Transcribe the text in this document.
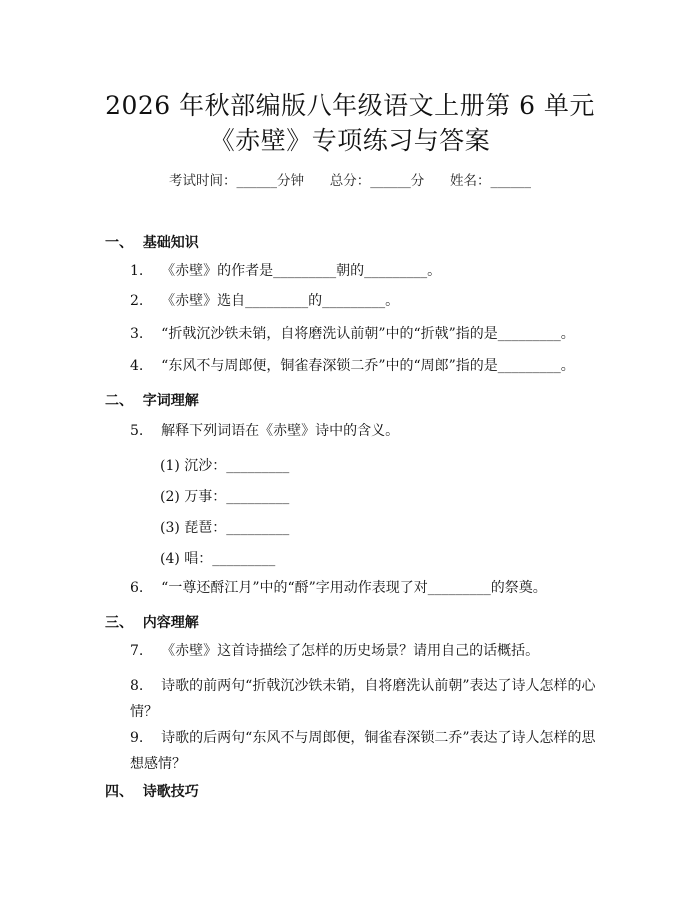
2026 年秋部编版八年级语文上册第 6 单元
《赤壁》专项练习与答案
考试时间：______分钟      总分：______分      姓名：______
一、  基础知识
1.    《赤壁》的作者是_________朝的_________。
2.    《赤壁》选自_________的_________。
3.    “折戟沉沙铁未销，自将磨洗认前朝”中的“折戟”指的是_________。
4.    “东风不与周郎便，铜雀春深锁二乔”中的“周郎”指的是_________。
二、  字词理解
5.    解释下列词语在《赤壁》诗中的含义。
(1) 沉沙：_________
(2) 万事：_________
(3) 琵琶：_________
(4) 唱：_________
6.    “一尊还酹江月”中的“酹”字用动作表现了对_________的祭奠。
三、  内容理解
7.    《赤壁》这首诗描绘了怎样的历史场景？请用自己的话概括。
8.    诗歌的前两句“折戟沉沙铁未销，自将磨洗认前朝”表达了诗人怎样的心情？
9.    诗歌的后两句“东风不与周郎便，铜雀春深锁二乔”表达了诗人怎样的思想感情？
四、  诗歌技巧
